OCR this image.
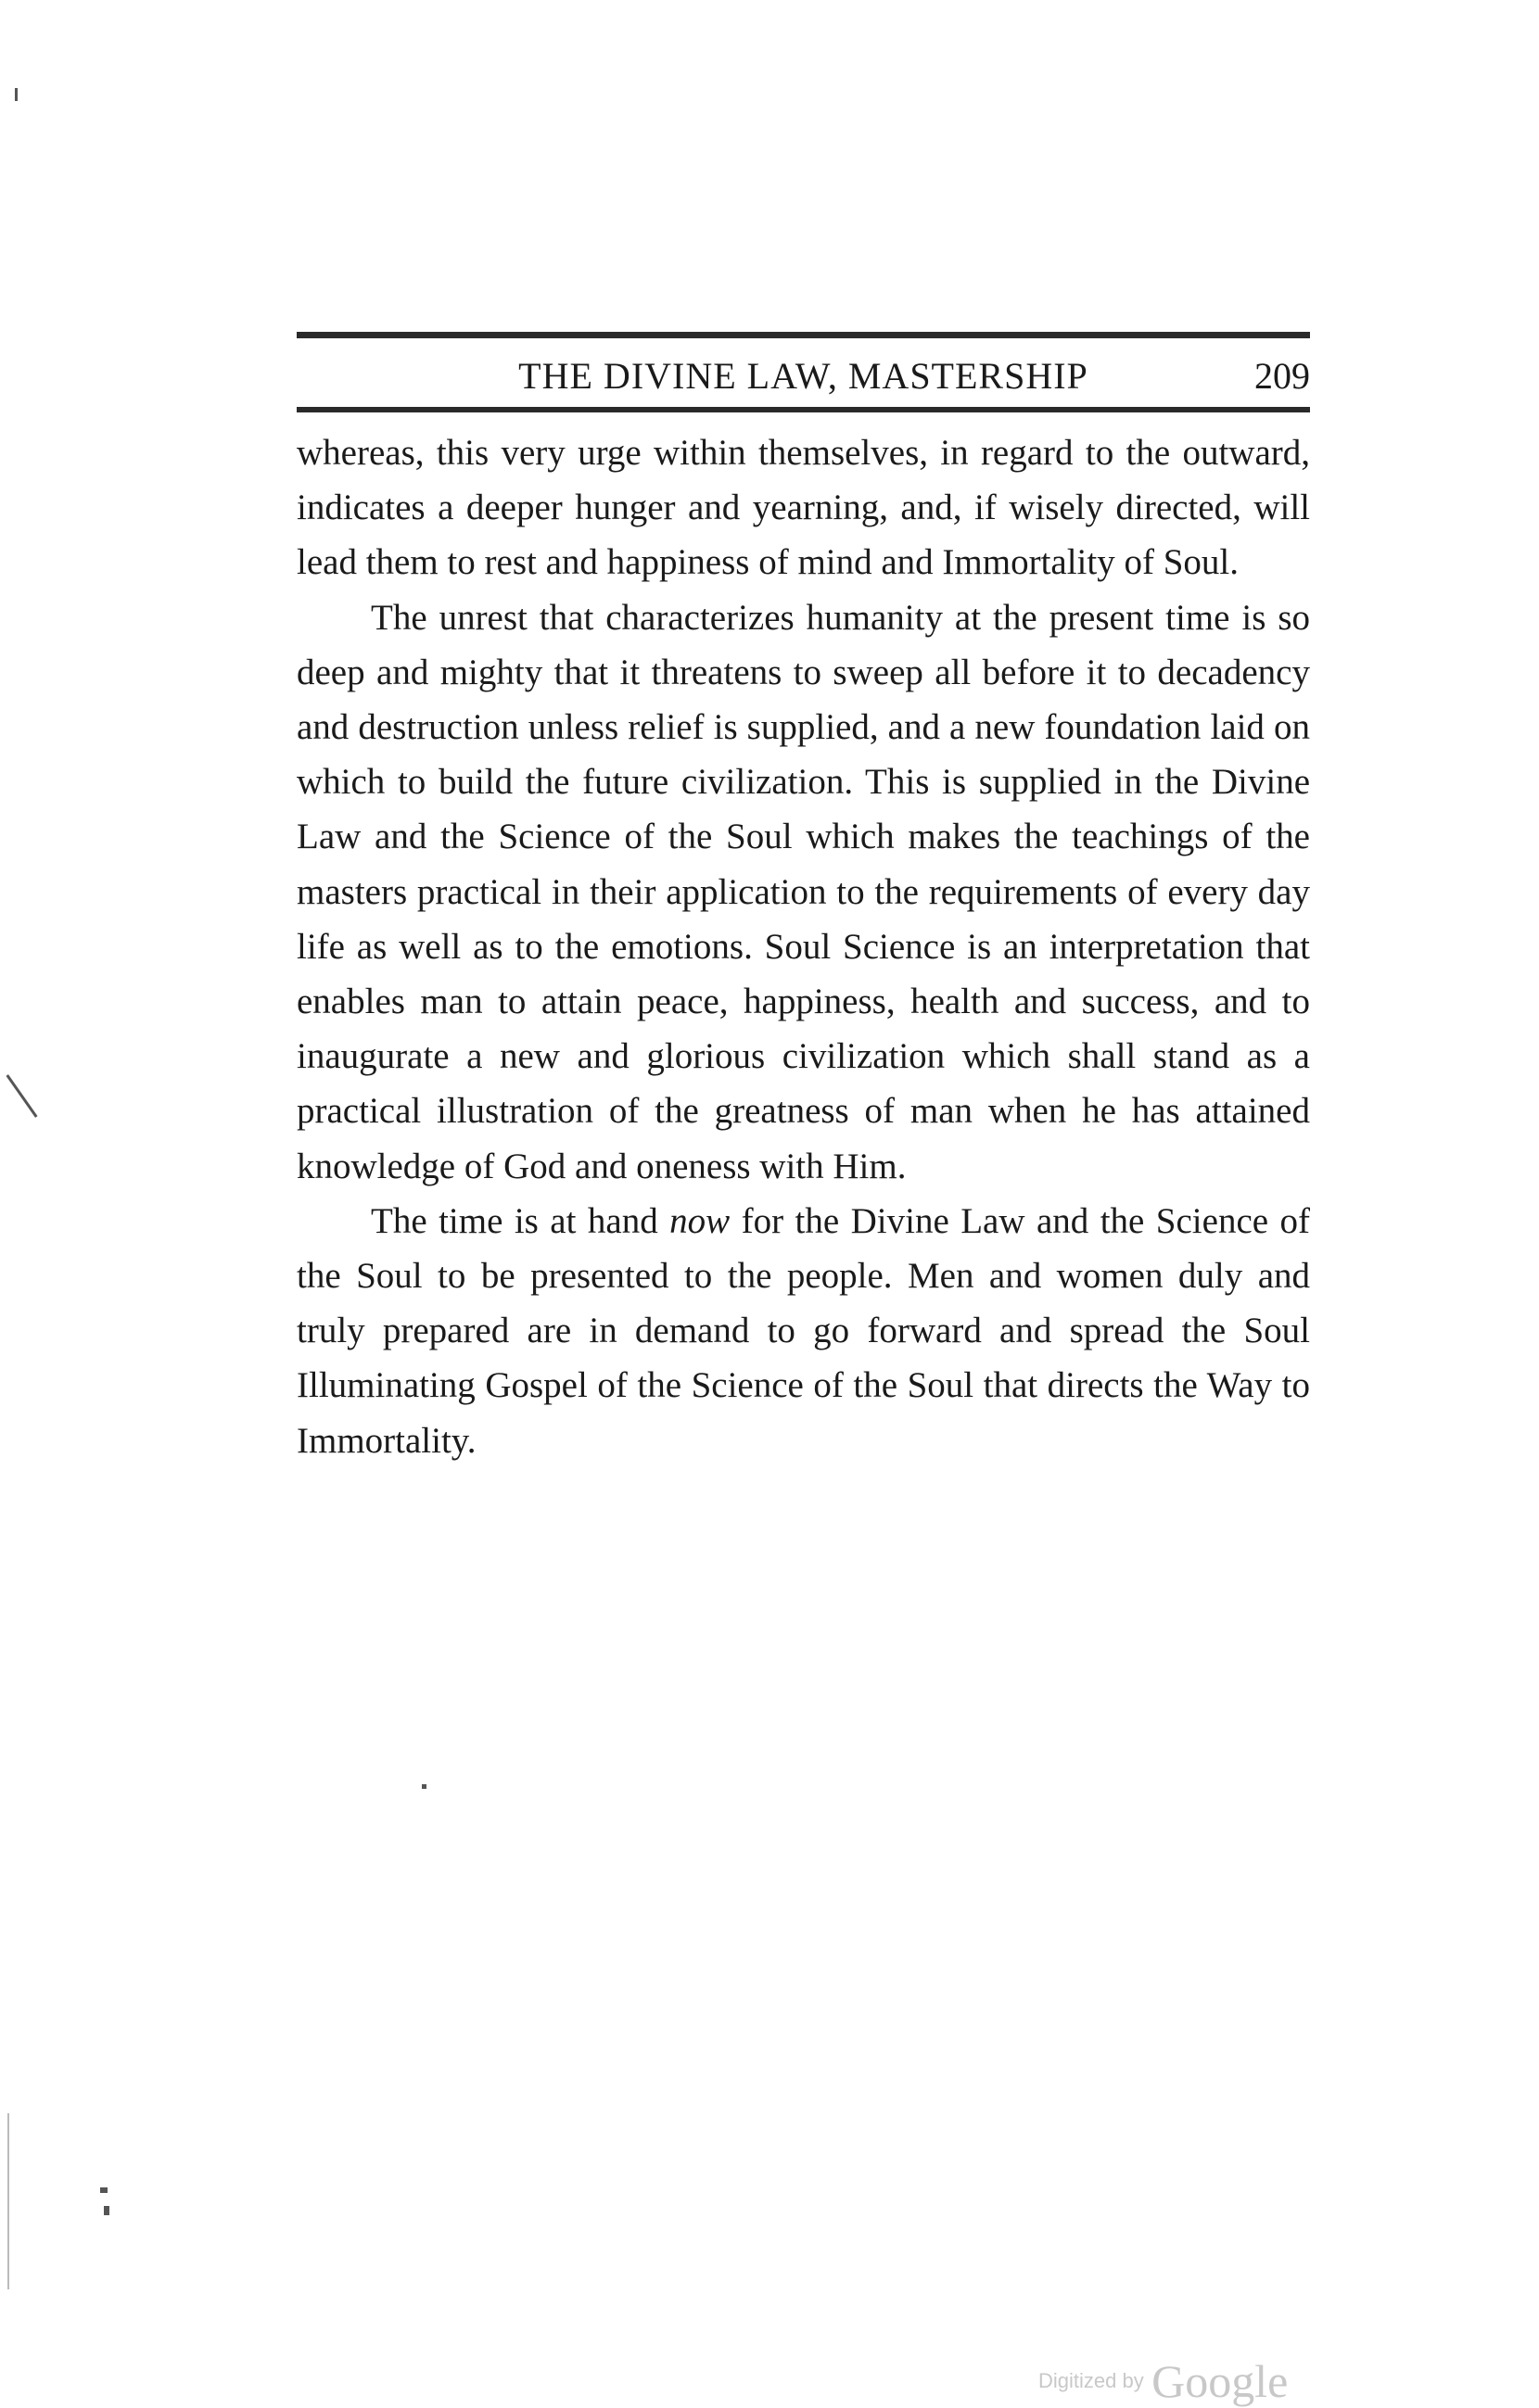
THE DIVINE LAW, MASTERSHIP	209

whereas, this very urge within themselves, in regard to the outward, indicates a deeper hunger and yearning, and, if wisely directed, will lead them to rest and happiness of mind and Immortality of Soul.

The unrest that characterizes humanity at the present time is so deep and mighty that it threatens to sweep all before it to decadency and destruction unless relief is supplied, and a new foundation laid on which to build the future civilization. This is supplied in the Divine Law and the Science of the Soul which makes the teachings of the masters practical in their application to the requirements of every day life as well as to the emotions. Soul Science is an interpretation that enables man to attain peace, happiness, health and success, and to inaugurate a new and glorious civilization which shall stand as a practical illustration of the greatness of man when he has attained knowledge of God and oneness with Him.

The time is at hand now for the Divine Law and the Science of the Soul to be presented to the people. Men and women duly and truly prepared are in demand to go forward and spread the Soul Illuminating Gospel of the Science of the Soul that directs the Way to Immortality.

Digitized by Google
